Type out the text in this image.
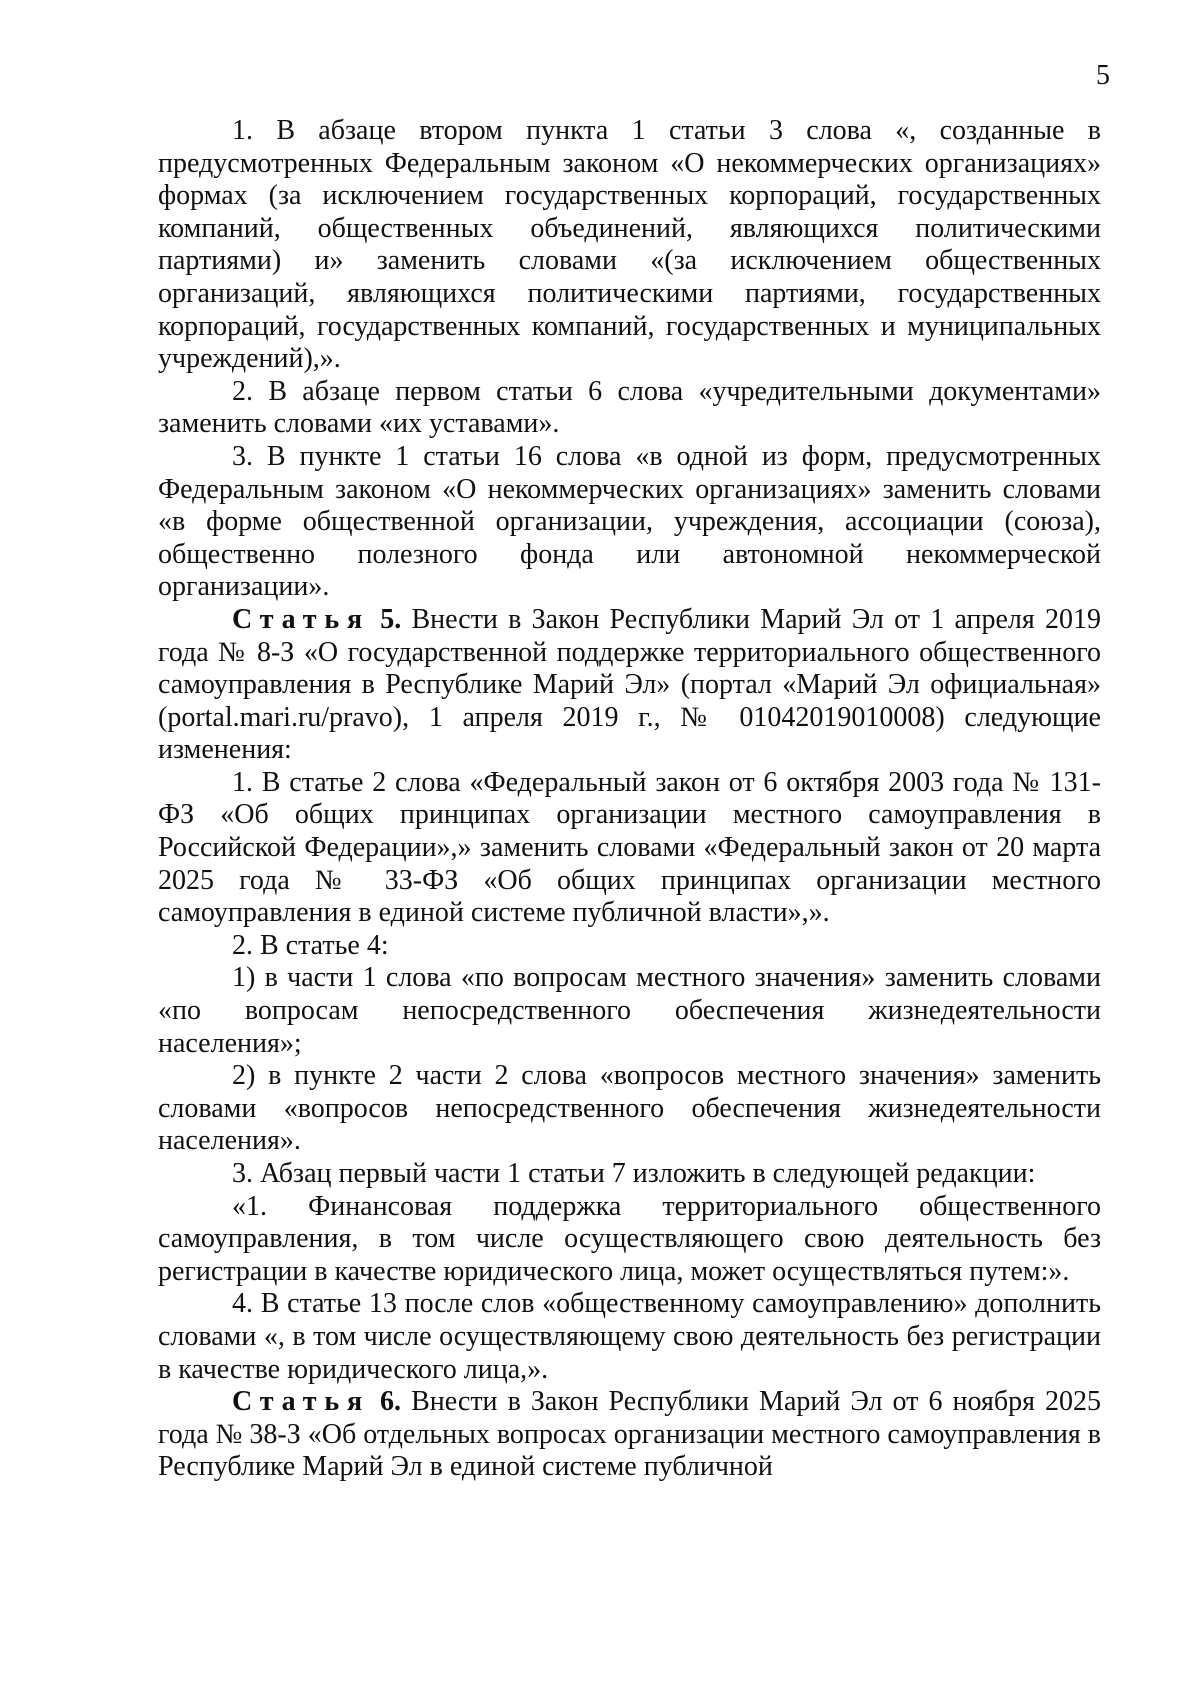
5

1. В абзаце втором пункта 1 статьи 3 слова «, созданные в предусмотренных Федеральным законом «О некоммерческих организациях» формах (за исключением государственных корпораций, государственных компаний, общественных объединений, являющихся политическими партиями) и» заменить словами «(за исключением общественных организаций, являющихся политическими партиями, государственных корпораций, государственных компаний, государственных и муниципальных учреждений),».

2. В абзаце первом статьи 6 слова «учредительными документами» заменить словами «их уставами».

3. В пункте 1 статьи 16 слова «в одной из форм, предусмотренных Федеральным законом «О некоммерческих организациях» заменить словами «в форме общественной организации, учреждения, ассоциации (союза), общественно полезного фонда или автономной некоммерческой организации».

Статья 5. Внести в Закон Республики Марий Эл от 1 апреля 2019 года № 8-З «О государственной поддержке территориального общественного самоуправления в Республике Марий Эл» (портал «Марий Эл официальная» (portal.mari.ru/pravo), 1 апреля 2019 г., № 01042019010008) следующие изменения:

1. В статье 2 слова «Федеральный закон от 6 октября 2003 года № 131-ФЗ «Об общих принципах организации местного самоуправления в Российской Федерации»,» заменить словами «Федеральный закон от 20 марта 2025 года № 33-ФЗ «Об общих принципах организации местного самоуправления в единой системе публичной власти»,».

2. В статье 4:

1) в части 1 слова «по вопросам местного значения» заменить словами «по вопросам непосредственного обеспечения жизнедеятельности населения»;

2) в пункте 2 части 2 слова «вопросов местного значения» заменить словами «вопросов непосредственного обеспечения жизнедеятельности населения».

3. Абзац первый части 1 статьи 7 изложить в следующей редакции:

«1. Финансовая поддержка территориального общественного самоуправления, в том числе осуществляющего свою деятельность без регистрации в качестве юридического лица, может осуществляться путем:».

4. В статье 13 после слов «общественному самоуправлению» дополнить словами «, в том числе осуществляющему свою деятельность без регистрации в качестве юридического лица,».

Статья 6. Внести в Закон Республики Марий Эл от 6 ноября 2025 года № 38-З «Об отдельных вопросах организации местного самоуправления в Республике Марий Эл в единой системе публичной
